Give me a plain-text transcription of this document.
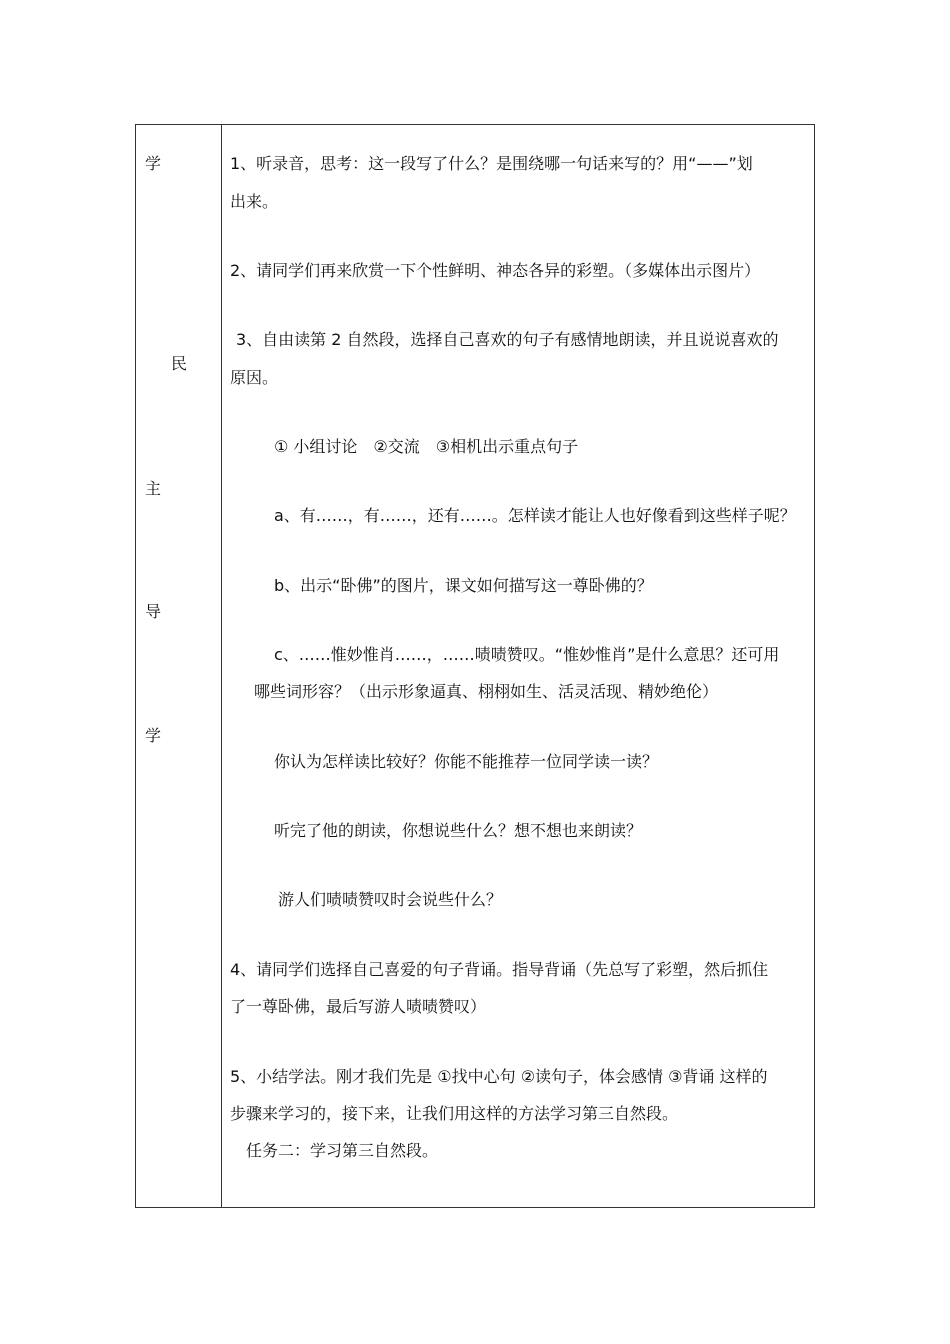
学
民
主
导
学
1、听录音，思考：这一段写了什么？是围绕哪一句话来写的？用“——”划
出来。
2、请同学们再来欣赏一下个性鲜明、神态各异的彩塑。（多媒体出示图片）
3、自由读第 2 自然段，选择自己喜欢的句子有感情地朗读，并且说说喜欢的
原因。
① 小组讨论　②交流　③相机出示重点句子
a、有……，有……，还有……。怎样读才能让人也好像看到这些样子呢？
b、出示“卧佛”的图片，课文如何描写这一尊卧佛的？
c、……惟妙惟肖……，……啧啧赞叹。“惟妙惟肖”是什么意思？还可用
哪些词形容？（出示形象逼真、栩栩如生、活灵活现、精妙绝伦）
你认为怎样读比较好？你能不能推荐一位同学读一读？
听完了他的朗读，你想说些什么？想不想也来朗读？
游人们啧啧赞叹时会说些什么？
4、请同学们选择自己喜爱的句子背诵。指导背诵（先总写了彩塑，然后抓住
了一尊卧佛，最后写游人啧啧赞叹）
5、小结学法。刚才我们先是 ①找中心句 ②读句子，体会感情 ③背诵 这样的
步骤来学习的，接下来，让我们用这样的方法学习第三自然段。
任务二：学习第三自然段。
